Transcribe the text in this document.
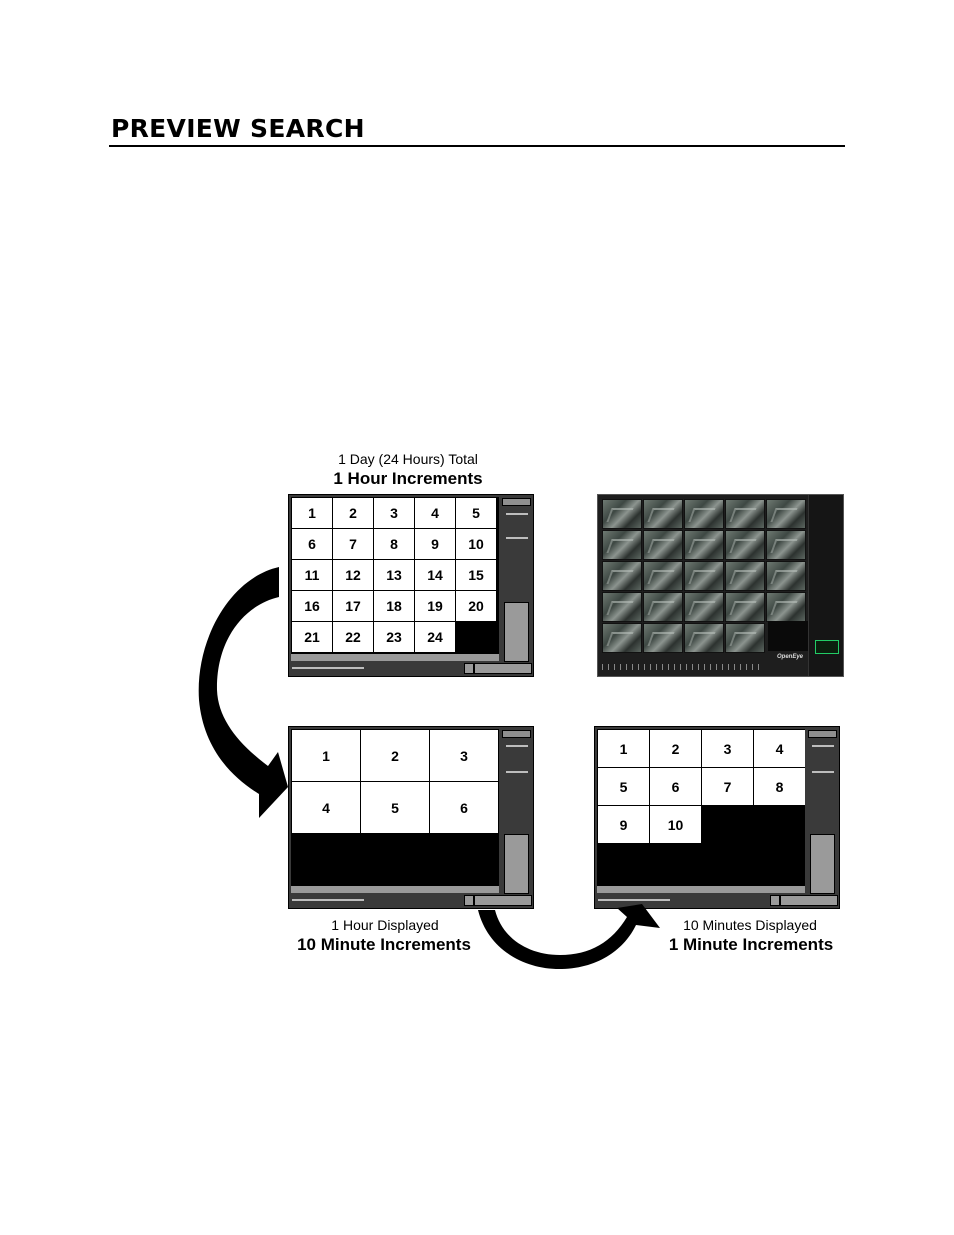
PREVIEW SEARCH
1 Day (24 Hours) Total
1 Hour Increments
1	2	3	4	5
6	7	8	9	10
11	12	13	14	15
16	17	18	19	20
21	22	23	24
OpenEye
1	2	3
4	5	6
1	2	3	4
5	6	7	8
9	10
1 Hour Displayed
10 Minute Increments
10 Minutes Displayed
1 Minute Increments
